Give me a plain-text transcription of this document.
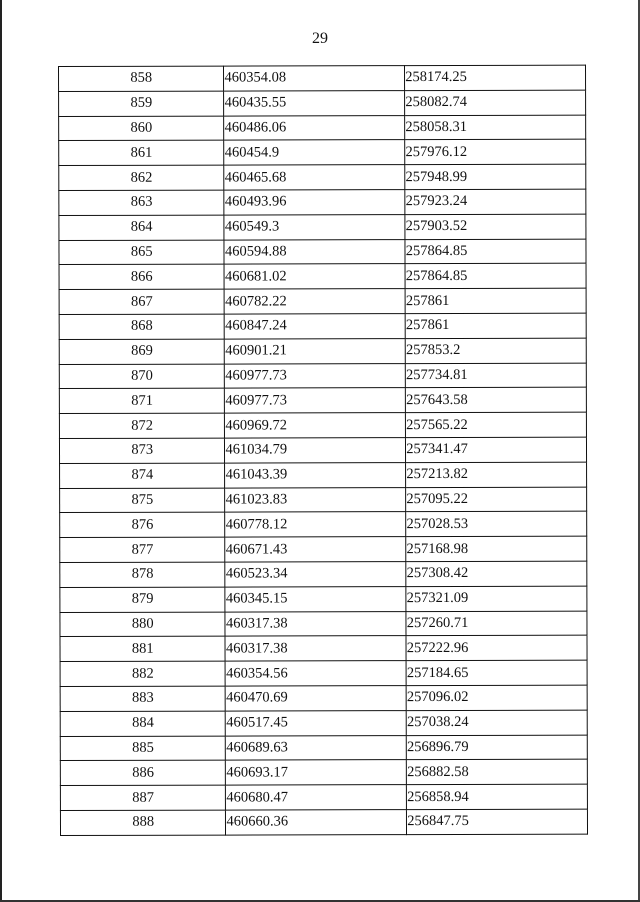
29
858	460354.08	258174.25
859	460435.55	258082.74
860	460486.06	258058.31
861	460454.9	257976.12
862	460465.68	257948.99
863	460493.96	257923.24
864	460549.3	257903.52
865	460594.88	257864.85
866	460681.02	257864.85
867	460782.22	257861
868	460847.24	257861
869	460901.21	257853.2
870	460977.73	257734.81
871	460977.73	257643.58
872	460969.72	257565.22
873	461034.79	257341.47
874	461043.39	257213.82
875	461023.83	257095.22
876	460778.12	257028.53
877	460671.43	257168.98
878	460523.34	257308.42
879	460345.15	257321.09
880	460317.38	257260.71
881	460317.38	257222.96
882	460354.56	257184.65
883	460470.69	257096.02
884	460517.45	257038.24
885	460689.63	256896.79
886	460693.17	256882.58
887	460680.47	256858.94
888	460660.36	256847.75
